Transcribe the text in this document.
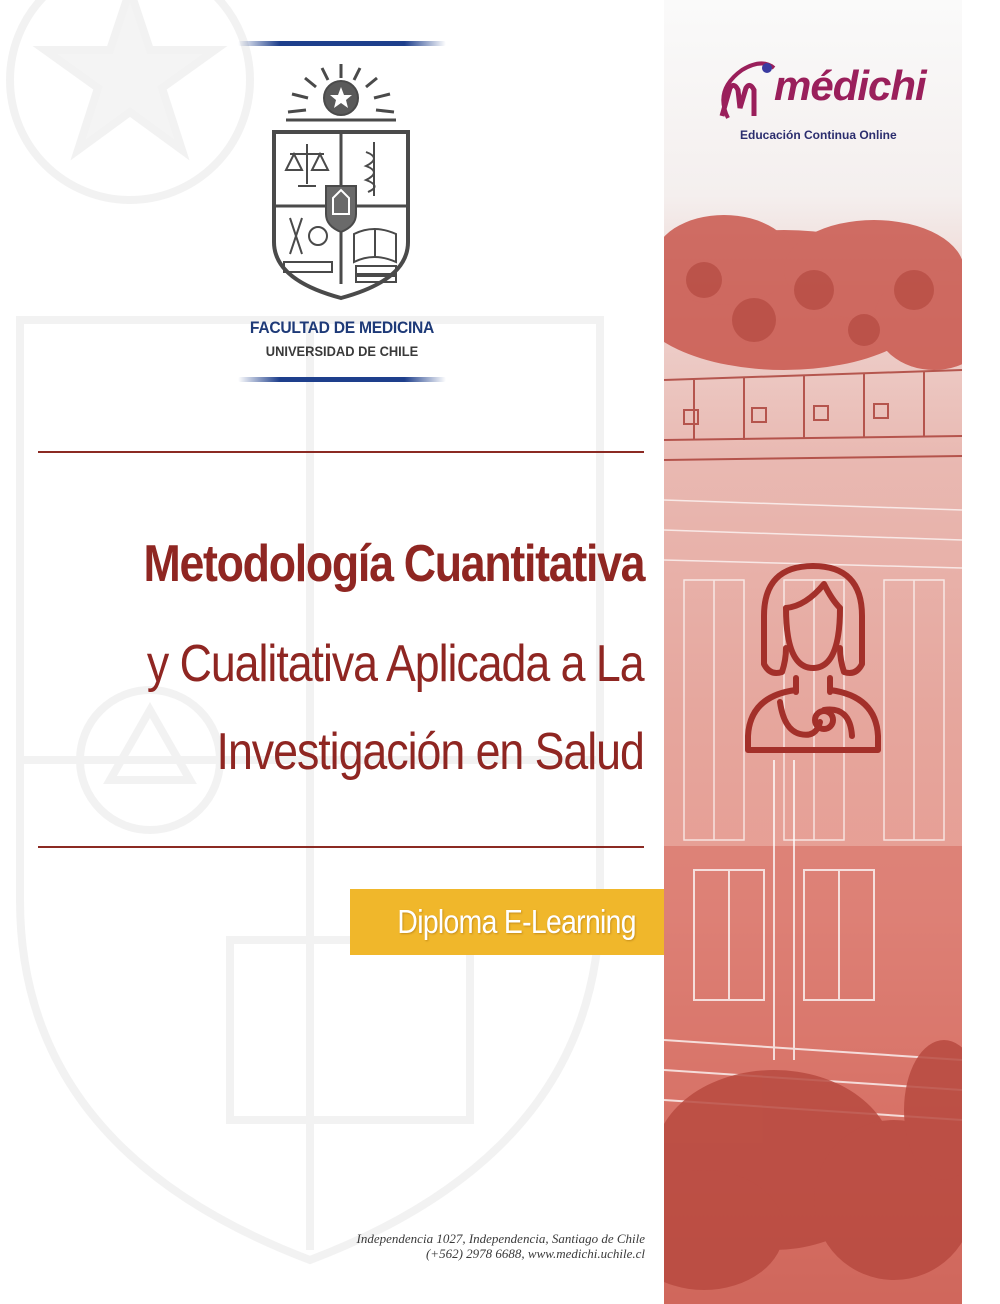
FACULTAD DE MEDICINA
UNIVERSIDAD DE CHILE
Metodología Cuantitativa
y Cualitativa Aplicada a La
Investigación en Salud
Diploma E-Learning
Independencia 1027, Independencia, Santiago de Chile
(+562) 2978 6688, www.medichi.uchile.cl
médichi
Educación Continua Online
